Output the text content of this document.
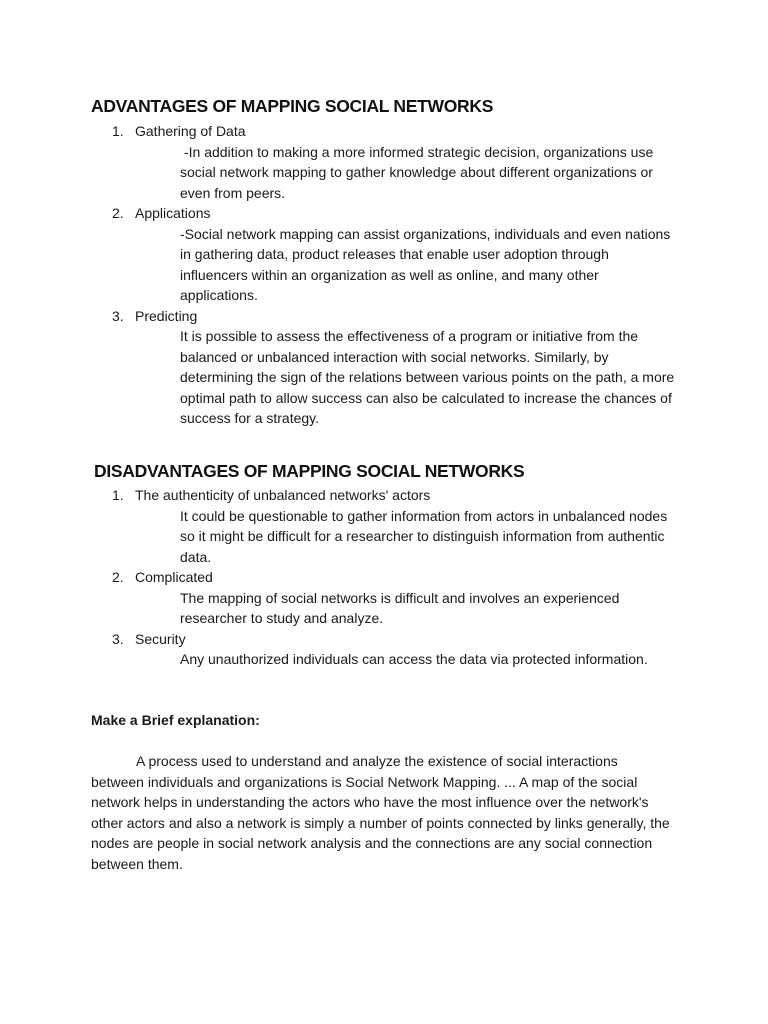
ADVANTAGES OF MAPPING SOCIAL NETWORKS
1. Gathering of Data

-In addition to making a more informed strategic decision, organizations use social network mapping to gather knowledge about different organizations or even from peers.

2. Applications

-Social network mapping can assist organizations, individuals and even nations in gathering data, product releases that enable user adoption through influencers within an organization as well as online, and many other applications.

3. Predicting

It is possible to assess the effectiveness of a program or initiative from the balanced or unbalanced interaction with social networks. Similarly, by determining the sign of the relations between various points on the path, a more optimal path to allow success can also be calculated to increase the chances of success for a strategy.

DISADVANTAGES OF MAPPING SOCIAL NETWORKS
1. The authenticity of unbalanced networks' actors

It could be questionable to gather information from actors in unbalanced nodes so it might be difficult for a researcher to distinguish information from authentic data.

2. Complicated

The mapping of social networks is difficult and involves an experienced researcher to study and analyze.

3. Security

Any unauthorized individuals can access the data via protected information.

Make a Brief explanation:

A process used to understand and analyze the existence of social interactions between individuals and organizations is Social Network Mapping. ... A map of the social network helps in understanding the actors who have the most influence over the network's other actors and also a network is simply a number of points connected by links generally, the nodes are people in social network analysis and the connections are any social connection between them.
